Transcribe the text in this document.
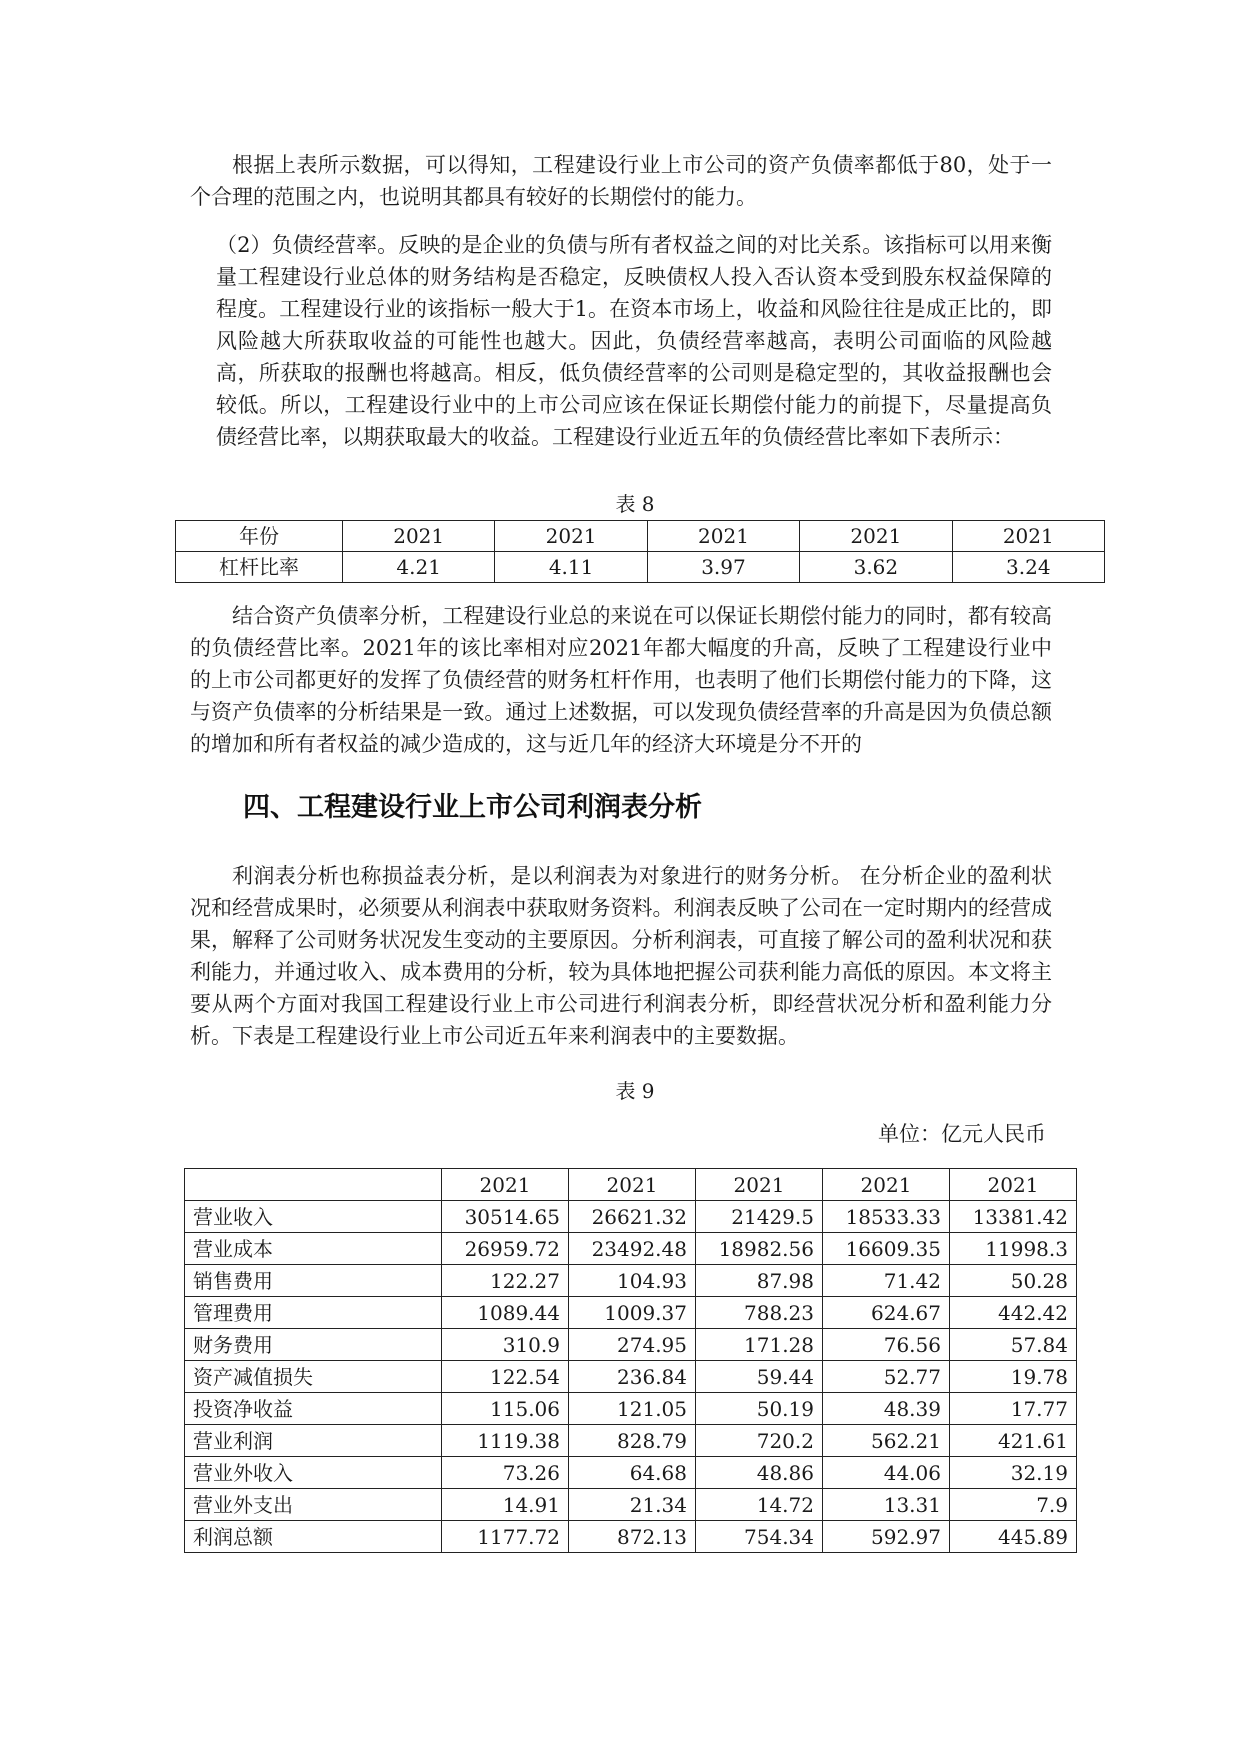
根据上表所示数据，可以得知，工程建设行业上市公司的资产负债率都低于80，处于一个合理的范围之内，也说明其都具有较好的长期偿付的能力。

（2）负债经营率。反映的是企业的负债与所有者权益之间的对比关系。该指标可以用来衡量工程建设行业总体的财务结构是否稳定，反映债权人投入否认资本受到股东权益保障的程度。工程建设行业的该指标一般大于1。在资本市场上，收益和风险往往是成正比的，即风险越大所获取收益的可能性也越大。因此，负债经营率越高，表明公司面临的风险越高，所获取的报酬也将越高。相反，低负债经营率的公司则是稳定型的，其收益报酬也会较低。所以，工程建设行业中的上市公司应该在保证长期偿付能力的前提下，尽量提高负债经营比率，以期获取最大的收益。工程建设行业近五年的负债经营比率如下表所示：

表 8

年份	2021	2021	2021	2021	2021
杠杆比率	4.21	4.11	3.97	3.62	3.24

结合资产负债率分析，工程建设行业总的来说在可以保证长期偿付能力的同时，都有较高的负债经营比率。2021年的该比率相对应2021年都大幅度的升高，反映了工程建设行业中的上市公司都更好的发挥了负债经营的财务杠杆作用，也表明了他们长期偿付能力的下降，这与资产负债率的分析结果是一致。通过上述数据，可以发现负债经营率的升高是因为负债总额的增加和所有者权益的减少造成的，这与近几年的经济大环境是分不开的

四、工程建设行业上市公司利润表分析

利润表分析也称损益表分析，是以利润表为对象进行的财务分析。 在分析企业的盈利状况和经营成果时，必须要从利润表中获取财务资料。利润表反映了公司在一定时期内的经营成果，解释了公司财务状况发生变动的主要原因。分析利润表，可直接了解公司的盈利状况和获利能力，并通过收入、成本费用的分析，较为具体地把握公司获利能力高低的原因。本文将主要从两个方面对我国工程建设行业上市公司进行利润表分析，即经营状况分析和盈利能力分析。下表是工程建设行业上市公司近五年来利润表中的主要数据。

表 9

单位：亿元人民币

	2021	2021	2021	2021	2021
营业收入	30514.65	26621.32	21429.5	18533.33	13381.42
营业成本	26959.72	23492.48	18982.56	16609.35	11998.3
销售费用	122.27	104.93	87.98	71.42	50.28
管理费用	1089.44	1009.37	788.23	624.67	442.42
财务费用	310.9	274.95	171.28	76.56	57.84
资产减值损失	122.54	236.84	59.44	52.77	19.78
投资净收益	115.06	121.05	50.19	48.39	17.77
营业利润	1119.38	828.79	720.2	562.21	421.61
营业外收入	73.26	64.68	48.86	44.06	32.19
营业外支出	14.91	21.34	14.72	13.31	7.9
利润总额	1177.72	872.13	754.34	592.97	445.89
